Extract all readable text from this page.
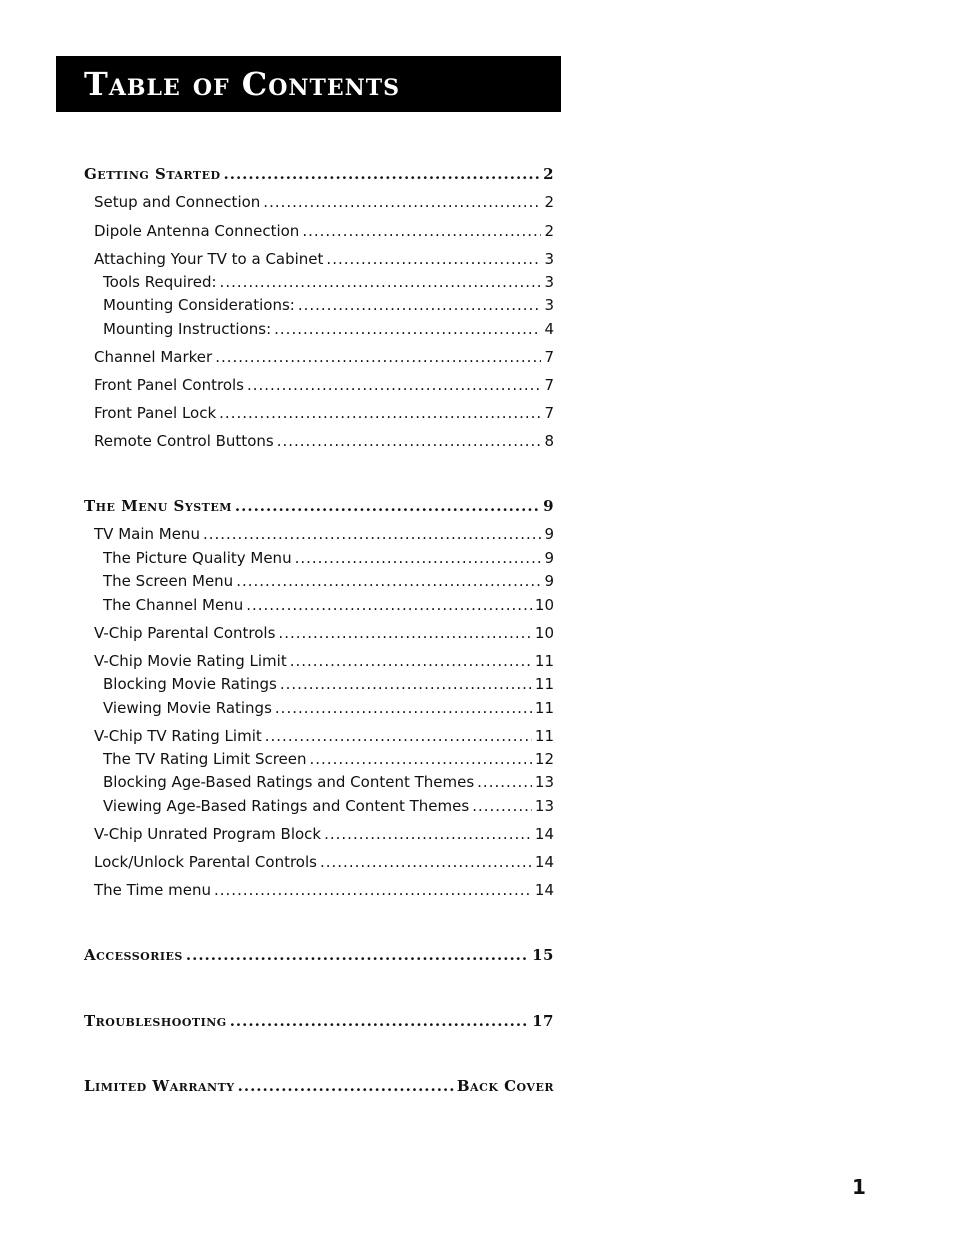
Table of Contents
Getting Started .....	2
Setup and Connection .....	2
Dipole Antenna Connection .....	2
Attaching Your TV to a Cabinet .....	3
Tools Required: .....	3
Mounting Considerations: .....	3
Mounting Instructions: .....	4
Channel Marker .....	7
Front Panel Controls .....	7
Front Panel Lock .....	7
Remote Control Buttons .....	8
The Menu System .....	9
TV Main Menu .....	9
The Picture Quality Menu .....	9
The Screen Menu .....	9
The Channel Menu .....	10
V-Chip Parental Controls .....	10
V-Chip Movie Rating Limit .....	11
Blocking Movie Ratings .....	11
Viewing Movie Ratings .....	11
V-Chip TV Rating Limit .....	11
The TV Rating Limit Screen .....	12
Blocking Age-Based Ratings and Content Themes .....	13
Viewing Age-Based Ratings and Content Themes .....	13
V-Chip Unrated Program Block .....	14
Lock/Unlock Parental Controls .....	14
The Time menu .....	14
Accessories .....	15
Troubleshooting .....	17
Limited Warranty .....	Back Cover
1
